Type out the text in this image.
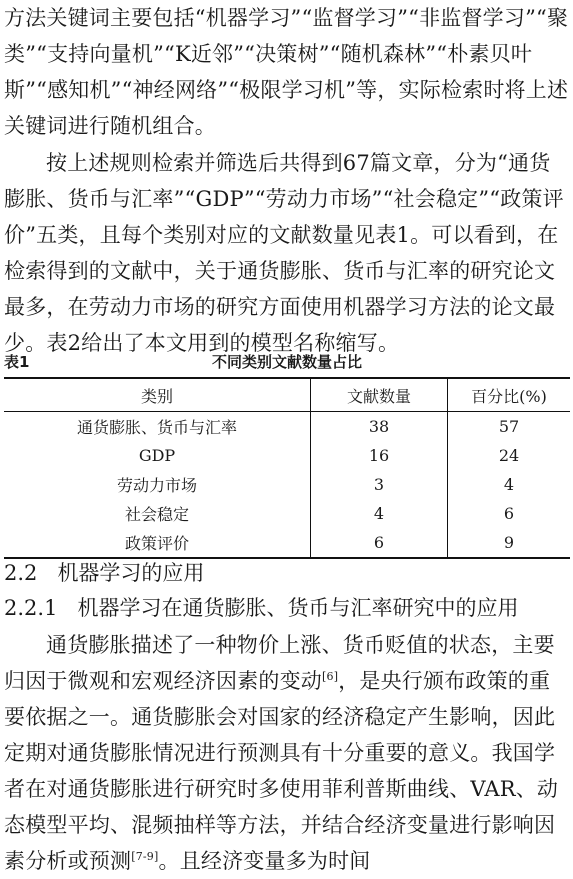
方法关键词主要包括“机器学习”“监督学习”“非监督学习”“聚类”“支持向量机”“K近邻”“决策树”“随机森林”“朴素贝叶斯”“感知机”“神经网络”“极限学习机”等，实际检索时将上述关键词进行随机组合。

按上述规则检索并筛选后共得到67篇文章，分为“通货膨胀、货币与汇率”“GDP”“劳动力市场”“社会稳定”“政策评价”五类，且每个类别对应的文献数量见表1。可以看到，在检索得到的文献中，关于通货膨胀、货币与汇率的研究论文最多，在劳动力市场的研究方面使用机器学习方法的论文最少。表2给出了本文用到的模型名称缩写。

表1	不同类别文献数量占比
类别	文献数量	百分比(%)
通货膨胀、货币与汇率	38	57
GDP	16	24
劳动力市场	3	4
社会稳定	4	6
政策评价	6	9
2.2 机器学习的应用
2.2.1 机器学习在通货膨胀、货币与汇率研究中的应用

通货膨胀描述了一种物价上涨、货币贬值的状态，主要归因于微观和宏观经济因素的变动[6]，是央行颁布政策的重要依据之一。通货膨胀会对国家的经济稳定产生影响，因此定期对通货膨胀情况进行预测具有十分重要的意义。我国学者在对通货膨胀进行研究时多使用菲利普斯曲线、VAR、动态模型平均、混频抽样等方法，并结合经济变量进行影响因素分析或预测[7-9]。且经济变量多为时间
